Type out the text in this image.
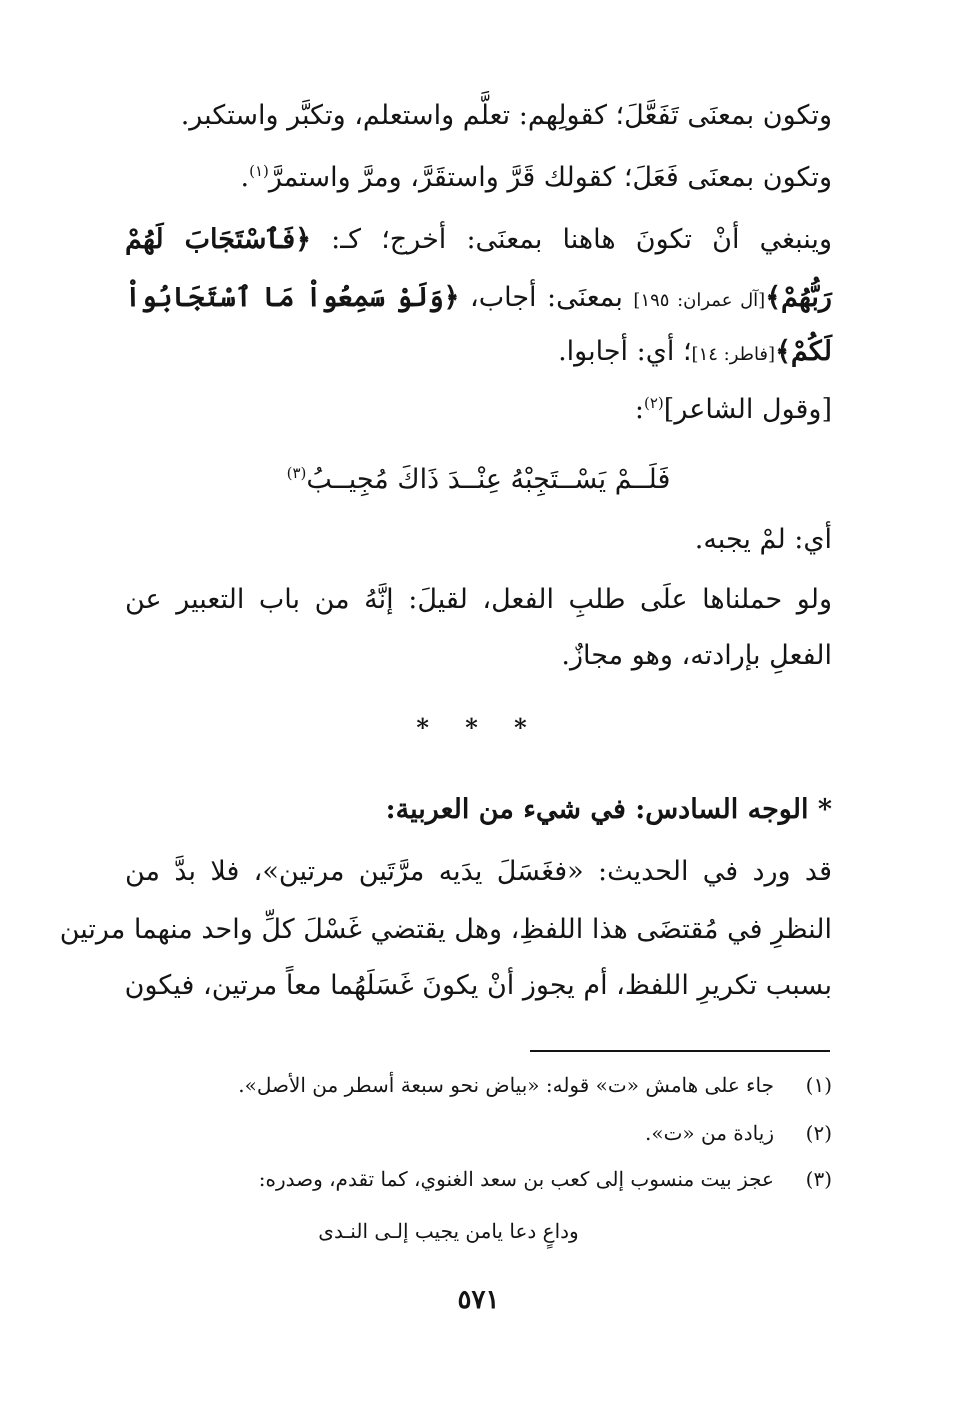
وتكون بمعنَى تَفَعَّلَ؛ كقولِهم: تعلَّم واستعلم، وتكبَّر واستكبر.
وتكون بمعنَى فَعَلَ؛ كقولك قَرَّ واستقَرَّ، ومرَّ واستمرَّ$^{(١)}$.
وينبغي أنْ تكونَ هاهنا بمعنَى: أخرج؛ كـ: ﴿فَٱسْتَجَابَ لَهُمْ
رَبُّهُمْ﴾[آل عمران: ١٩٥] بمعنَى: أجاب، ﴿وَلَوْ سَمِعُواْ مَا ٱسْتَجَابُواْ
لَكُمْ﴾[فاطر: ١٤]؛ أي: أجابوا.
[وقول الشاعر]$^{(٢)}$:
فَلَــمْ يَسْــتَجِبْهُ عِنْــدَ ذَاكَ مُجِيــبُ$^{(٣)}$
أي: لمْ يجبه.
ولو حملناها علَى طلبِ الفعل، لقيلَ: إنَّهُ من باب التعبير عن
الفعلِ بإرادته، وهو مجازٌ.
* * *
* الوجه السادس: في شيء من العربية:
قد ورد في الحديث: «فغَسَلَ يدَيه مرَّتَين مرتين»، فلا بدَّ من
النظرِ في مُقتضَى هذا اللفظِ، وهل يقتضي غَسْلَ كلِّ واحد منهما مرتين
بسبب تكريرِ اللفظ، أم يجوز أنْ يكونَ غَسَلَهُما معاً مرتين، فيكون
(١)جاء على هامش «ت» قوله: «بياض نحو سبعة أسطر من الأصل».
(٢)زيادة من «ت».
(٣)عجز بيت منسوب إلى كعب بن سعد الغنوي، كما تقدم، وصدره:
وداعٍ دعا يامن يجيب إلـى النـدى
٥٧١
